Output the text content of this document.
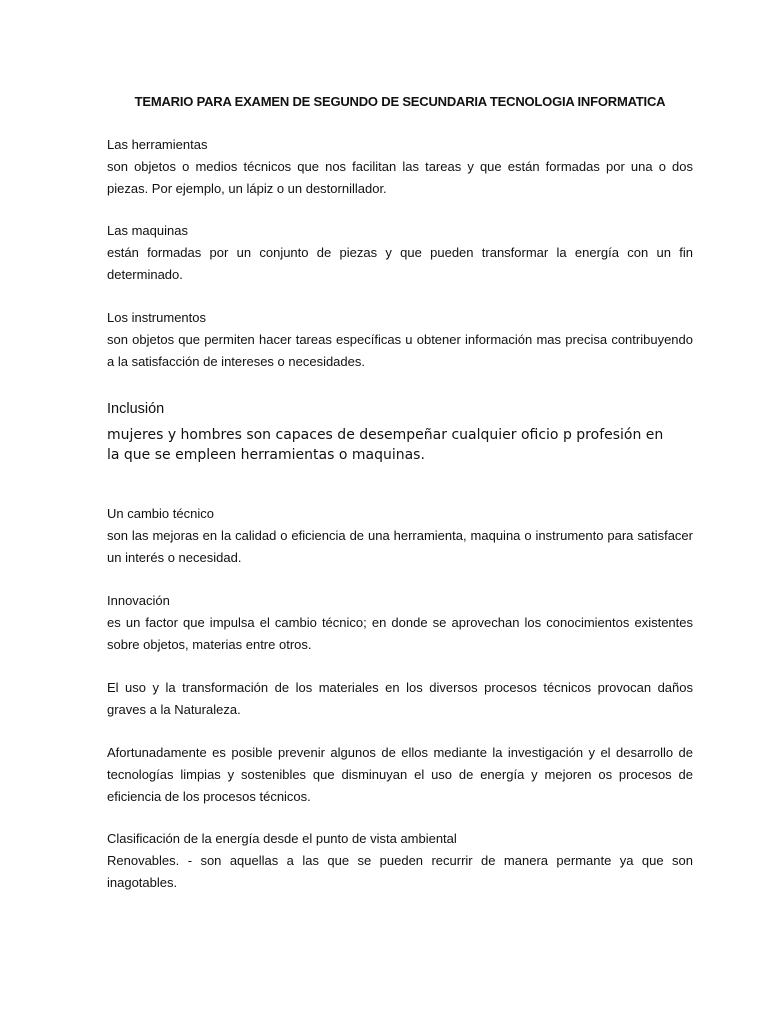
TEMARIO PARA EXAMEN DE SEGUNDO DE SECUNDARIA TECNOLOGIA INFORMATICA
Las herramientas
son objetos o medios técnicos que nos facilitan las tareas y que están formadas por una o dos piezas. Por ejemplo, un lápiz o un destornillador.
Las maquinas
están formadas por un conjunto de piezas y que pueden transformar la energía con un fin determinado.
Los instrumentos
son objetos que permiten hacer tareas específicas u obtener información mas precisa contribuyendo a la satisfacción de intereses o necesidades.
Inclusión
mujeres y hombres son capaces de desempeñar cualquier oficio p profesión en la que se empleen herramientas o maquinas.
Un cambio técnico
son las mejoras en la calidad o eficiencia de una herramienta, maquina o instrumento para satisfacer un interés o necesidad.
Innovación
es un factor que impulsa el cambio técnico; en donde se aprovechan los conocimientos existentes sobre objetos, materias entre otros.
El uso y la transformación de los materiales en los diversos procesos técnicos provocan daños graves a la Naturaleza.
Afortunadamente es posible prevenir algunos de ellos mediante la investigación y el desarrollo de tecnologías limpias y sostenibles que disminuyan el uso de energía y mejoren os procesos de eficiencia de los procesos técnicos.
Clasificación de la energía desde el punto de vista ambiental
Renovables. - son aquellas a las que se pueden recurrir de manera permante ya que son inagotables.
